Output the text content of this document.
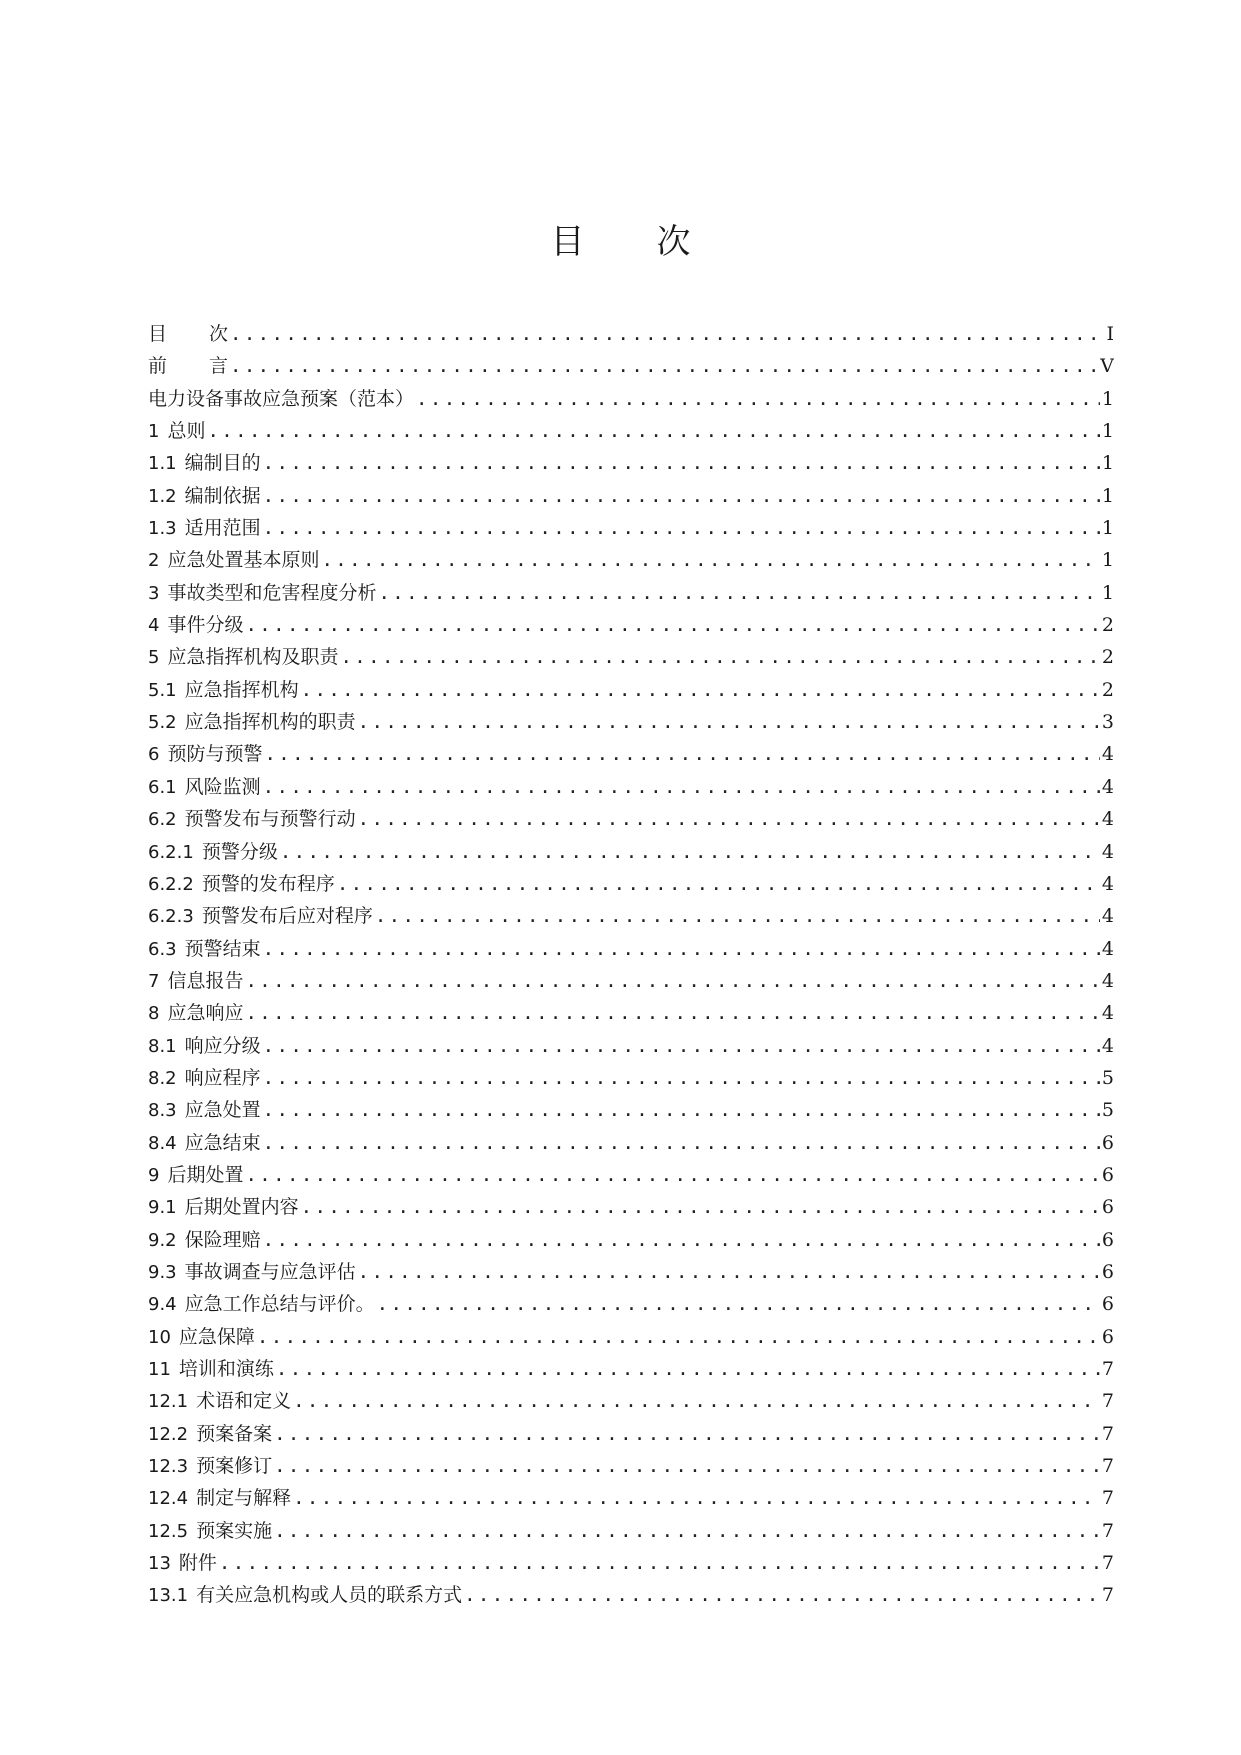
目次
目 次 .....	I
前 言 .....	V
电力设备事故应急预案（范本） .....	1
1 总则 .....	1
1.1 编制目的 .....	1
1.2 编制依据 .....	1
1.3 适用范围 .....	1
2 应急处置基本原则 .....	1
3 事故类型和危害程度分析 .....	1
4 事件分级 .....	2
5 应急指挥机构及职责 .....	2
5.1 应急指挥机构 .....	2
5.2 应急指挥机构的职责 .....	3
6 预防与预警 .....	4
6.1 风险监测 .....	4
6.2 预警发布与预警行动 .....	4
6.2.1 预警分级 .....	4
6.2.2 预警的发布程序 .....	4
6.2.3 预警发布后应对程序 .....	4
6.3 预警结束 .....	4
7 信息报告 .....	4
8 应急响应 .....	4
8.1 响应分级 .....	4
8.2 响应程序 .....	5
8.3 应急处置 .....	5
8.4 应急结束 .....	6
9 后期处置 .....	6
9.1 后期处置内容 .....	6
9.2 保险理赔 .....	6
9.3 事故调查与应急评估 .....	6
9.4 应急工作总结与评价。 .....	6
10 应急保障 .....	6
11 培训和演练 .....	7
12.1 术语和定义 .....	7
12.2 预案备案 .....	7
12.3 预案修订 .....	7
12.4 制定与解释 .....	7
12.5 预案实施 .....	7
13 附件 .....	7
13.1 有关应急机构或人员的联系方式 .....	7
